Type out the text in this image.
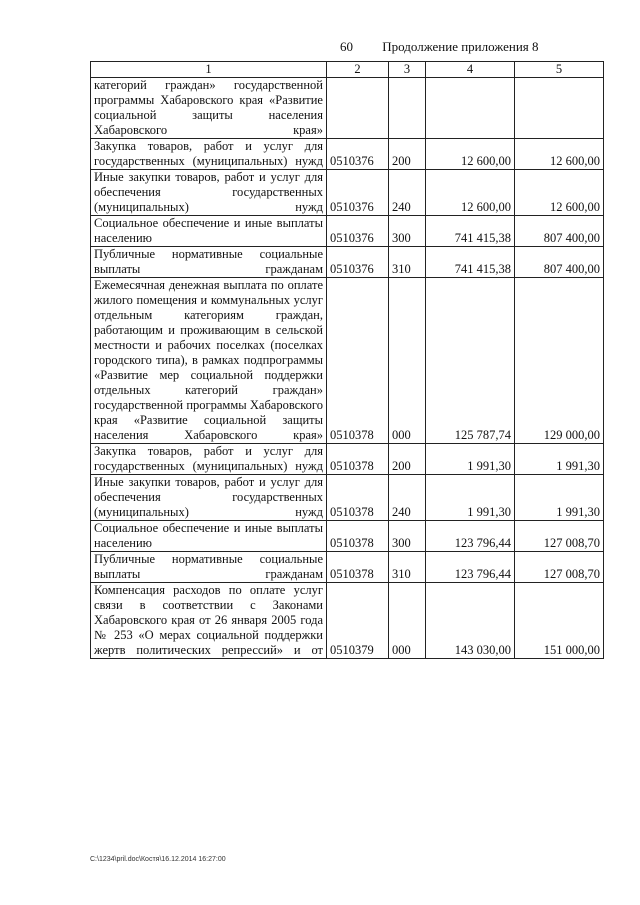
60 Продолжение приложения 8
1	2	3	4	5
категорий граждан» государственной программы Хабаровского края «Развитие социальной защиты населения Хабаровского края»				
Закупка товаров, работ и услуг для государственных (муниципальных) нужд	0510376	200	12 600,00	12 600,00
Иные закупки товаров, работ и услуг для обеспечения государственных (муниципальных) нужд	0510376	240	12 600,00	12 600,00
Социальное обеспечение и иные выплаты населению	0510376	300	741 415,38	807 400,00
Публичные нормативные социальные выплаты гражданам	0510376	310	741 415,38	807 400,00
Ежемесячная денежная выплата по оплате жилого помещения и коммунальных услуг отдельным категориям граждан, работающим и проживающим в сельской местности и рабочих поселках (поселках городского типа), в рамках подпрограммы «Развитие мер социальной поддержки отдельных категорий граждан» государственной программы Хабаровского края «Развитие социальной защиты населения Хабаровского края»	0510378	000	125 787,74	129 000,00
Закупка товаров, работ и услуг для государственных (муниципальных) нужд	0510378	200	1 991,30	1 991,30
Иные закупки товаров, работ и услуг для обеспечения государственных (муниципальных) нужд	0510378	240	1 991,30	1 991,30
Социальное обеспечение и иные выплаты населению	0510378	300	123 796,44	127 008,70
Публичные нормативные социальные выплаты гражданам	0510378	310	123 796,44	127 008,70
Компенсация расходов по оплате услуг связи в соответствии с Законами Хабаровского края от 26 января 2005 года № 253 «О мерах социальной поддержки жертв политических репрессий» и от	0510379	000	143 030,00	151 000,00
C:\1234\pril.doc\Костя\16.12.2014 16:27:00
